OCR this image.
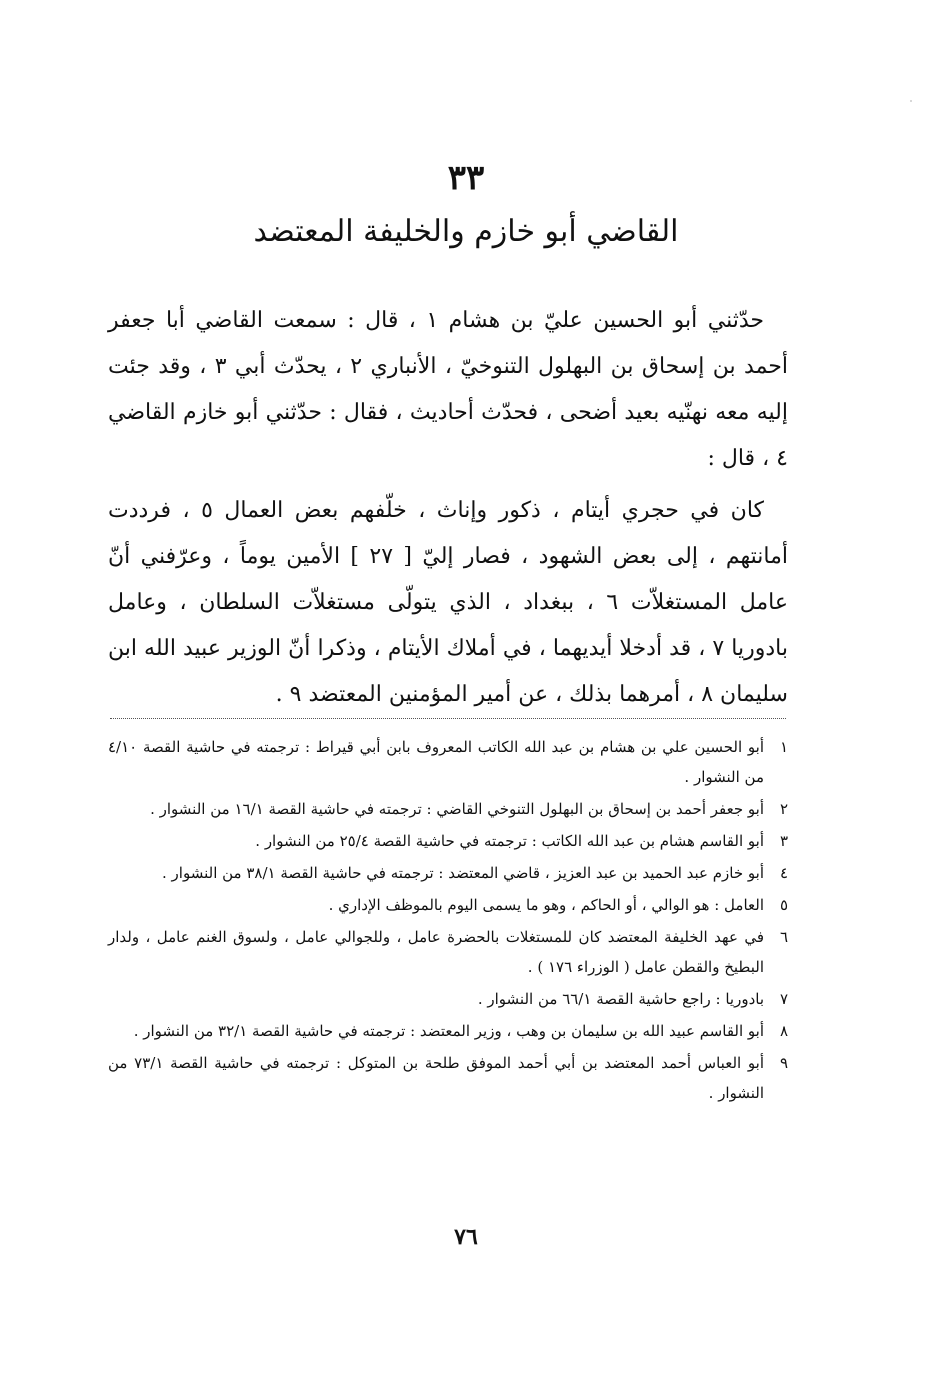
٣٣
القاضي أبو خازم والخليفة المعتضد

حدّثني أبو الحسين عليّ بن هشام ١ ، قال : سمعت القاضي أبا جعفر أحمد بن إسحاق بن البهلول التنوخيّ ، الأنباري ٢ ، يحدّث أبي ٣ ، وقد جئت إليه معه نهنّيه بعيد أضحى ، فحدّث أحاديث ، فقال : حدّثني أبو خازم القاضي ٤ ، قال :

كان في حجري أيتام ، ذكور وإناث ، خلّفهم بعض العمال ٥ ، فرددت أمانتهم ، إلى بعض الشهود ، فصار إليّ [ ٢٧ ] الأمين يوماً ، وعرّفني أنّ عامل المستغلاّت ٦ ، ببغداد ، الذي يتولّى مستغلاّت السلطان ، وعامل بادوريا ٧ ، قد أدخلا أيديهما ، في أملاك الأيتام ، وذكرا أنّ الوزير عبيد الله ابن سليمان ٨ ، أمرهما بذلك ، عن أمير المؤمنين المعتضد ٩ .

١
أبو الحسين علي بن هشام بن عبد الله الكاتب المعروف بابن أبي قيراط : ترجمته في حاشية القصة ٤/١٠ من النشوار .
٢
أبو جعفر أحمد بن إسحاق بن البهلول التنوخي القاضي : ترجمته في حاشية القصة ١٦/١ من النشوار .
٣
أبو القاسم هشام بن عبد الله الكاتب : ترجمته في حاشية القصة ٢٥/٤ من النشوار .
٤
أبو خازم عبد الحميد بن عبد العزيز ، قاضي المعتضد : ترجمته في حاشية القصة ٣٨/١ من النشوار .
٥
العامل : هو الوالي ، أو الحاكم ، وهو ما يسمى اليوم بالموظف الإداري .
٦
في عهد الخليفة المعتضد كان للمستغلات بالحضرة عامل ، وللجوالي عامل ، ولسوق الغنم عامل ، ولدار البطيخ والقطن عامل ( الوزراء ١٧٦ ) .
٧
بادوريا : راجع حاشية القصة ٦٦/١ من النشوار .
٨
أبو القاسم عبيد الله بن سليمان بن وهب ، وزير المعتضد : ترجمته في حاشية القصة ٣٢/١ من النشوار .
٩
أبو العباس أحمد المعتضد بن أبي أحمد الموفق طلحة بن المتوكل : ترجمته في حاشية القصة ٧٣/١ من النشوار .
٧٦
